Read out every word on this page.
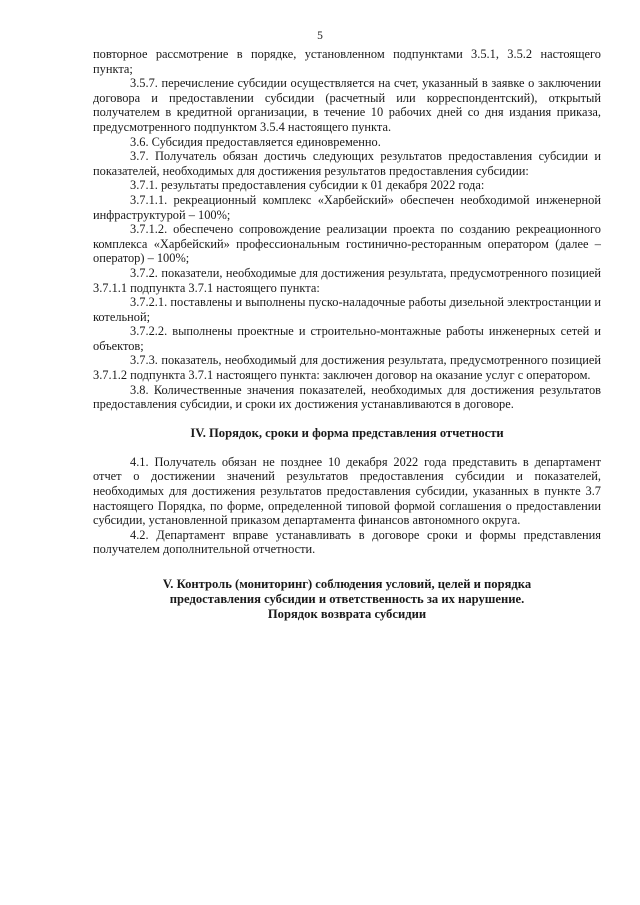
5

повторное рассмотрение в порядке, установленном подпунктами 3.5.1, 3.5.2 настоящего пункта;

3.5.7. перечисление субсидии осуществляется на счет, указанный в заявке о заключении договора и предоставлении субсидии (расчетный или корреспондентский), открытый получателем в кредитной организации, в течение 10 рабочих дней со дня издания приказа, предусмотренного подпунктом 3.5.4 настоящего пункта.

3.6. Субсидия предоставляется единовременно.

3.7. Получатель обязан достичь следующих результатов предоставления субсидии и показателей, необходимых для достижения результатов предоставления субсидии:

3.7.1. результаты предоставления субсидии к 01 декабря 2022 года:

3.7.1.1. рекреационный комплекс «Харбейский» обеспечен необходимой инженерной инфраструктурой – 100%;

3.7.1.2. обеспечено сопровождение реализации проекта по созданию рекреационного комплекса «Харбейский» профессиональным гостинично-ресторанным оператором (далее – оператор) – 100%;

3.7.2. показатели, необходимые для достижения результата, предусмотренного позицией 3.7.1.1 подпункта 3.7.1 настоящего пункта:

3.7.2.1. поставлены и выполнены пуско-наладочные работы дизельной электростанции и котельной;

3.7.2.2. выполнены проектные и строительно-монтажные работы инженерных сетей и объектов;

3.7.3. показатель, необходимый для достижения результата, предусмотренного позицией 3.7.1.2 подпункта 3.7.1 настоящего пункта: заключен договор на оказание услуг с оператором.

3.8. Количественные значения показателей, необходимых для достижения результатов предоставления субсидии, и сроки их достижения устанавливаются в договоре.

IV. Порядок, сроки и форма представления отчетности

4.1. Получатель обязан не позднее 10 декабря 2022 года представить в департамент отчет о достижении значений результатов предоставления субсидии и показателей, необходимых для достижения результатов предоставления субсидии, указанных в пункте 3.7 настоящего Порядка, по форме, определенной типовой формой соглашения о предоставлении субсидии, установленной приказом департамента финансов автономного округа.

4.2. Департамент вправе устанавливать в договоре сроки и формы представления получателем дополнительной отчетности.

V. Контроль (мониторинг) соблюдения условий, целей и порядка
предоставления субсидии и ответственность за их нарушение.
Порядок возврата субсидии
